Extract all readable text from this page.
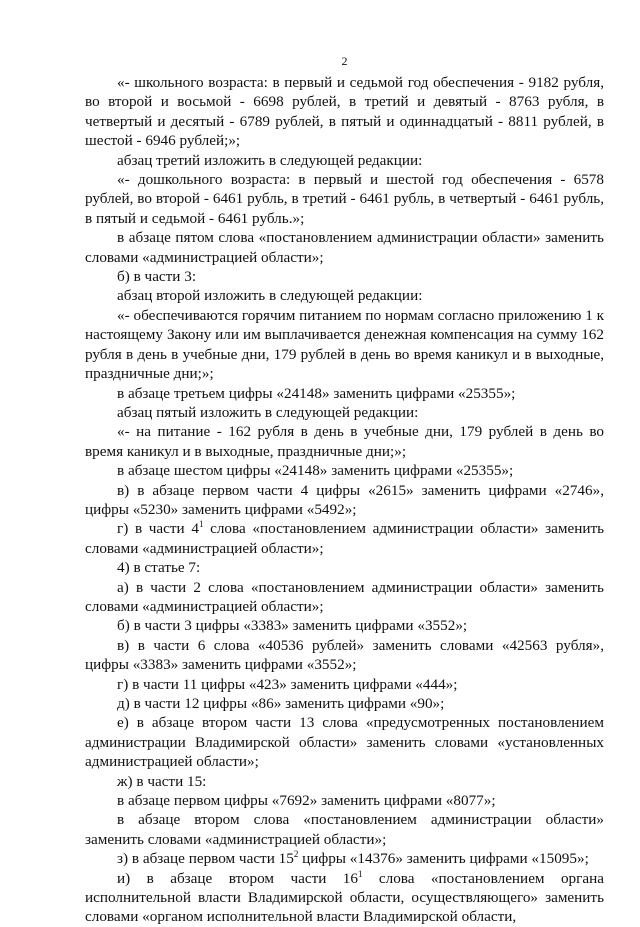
2

«- школьного возраста: в первый и седьмой год обеспечения - 9182 рубля, во второй и восьмой - 6698 рублей, в третий и девятый - 8763 рубля, в четвертый и десятый - 6789 рублей, в пятый и одиннадцатый - 8811 рублей, в шестой - 6946 рублей;»;

абзац третий изложить в следующей редакции:

«- дошкольного возраста: в первый и шестой год обеспечения - 6578 рублей, во второй - 6461 рубль, в третий - 6461 рубль, в четвертый - 6461 рубль, в пятый и седьмой - 6461 рубль.»;

в абзаце пятом слова «постановлением администрации области» заменить словами «администрацией области»;

б) в части 3:

абзац второй изложить в следующей редакции:

«- обеспечиваются горячим питанием по нормам согласно приложению 1 к настоящему Закону или им выплачивается денежная компенсация на сумму 162 рубля в день в учебные дни, 179 рублей в день во время каникул и в выходные, праздничные дни;»;

в абзаце третьем цифры «24148» заменить цифрами «25355»;

абзац пятый изложить в следующей редакции:

«- на питание - 162 рубля в день в учебные дни, 179 рублей в день во время каникул и в выходные, праздничные дни;»;

в абзаце шестом цифры «24148» заменить цифрами «25355»;

в) в абзаце первом части 4 цифры «2615» заменить цифрами «2746», цифры «5230» заменить цифрами «5492»;

г) в части $4^1$ слова «постановлением администрации области» заменить словами «администрацией области»;

4) в статье 7:

а) в части 2 слова «постановлением администрации области» заменить словами «администрацией области»;

б) в части 3 цифры «3383» заменить цифрами «3552»;

в) в части 6 слова «40536 рублей» заменить словами «42563 рубля», цифры «3383» заменить цифрами «3552»;

г) в части 11 цифры «423» заменить цифрами «444»;

д) в части 12 цифры «86» заменить цифрами «90»;

е) в абзаце втором части 13 слова «предусмотренных постановлением администрации Владимирской области» заменить словами «установленных администрацией области»;

ж) в части 15:

в абзаце первом цифры «7692» заменить цифрами «8077»;

в абзаце втором слова «постановлением администрации области» заменить словами «администрацией области»;

з) в абзаце первом части $15^2$ цифры «14376» заменить цифрами «15095»;

и) в абзаце втором части $16^1$ слова «постановлением органа исполнительной власти Владимирской области, осуществляющего» заменить словами «органом исполнительной власти Владимирской области,
